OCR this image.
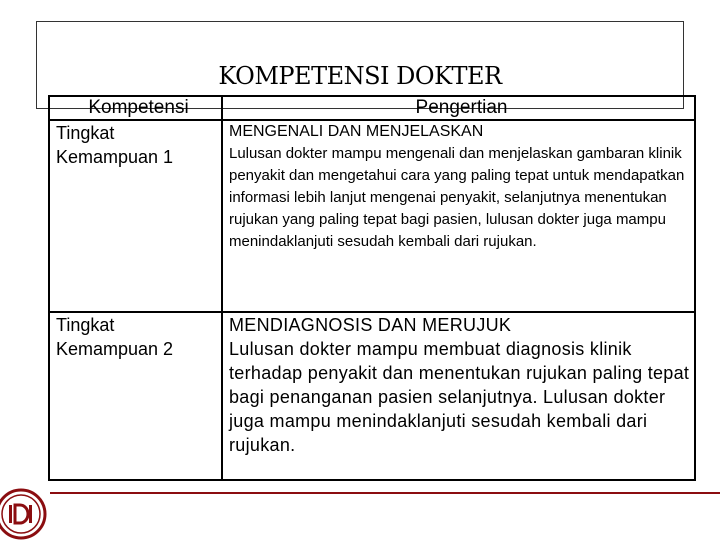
KOMPETENSI DOKTER
Kompetensi	Pengertian
Tingkat Kemampuan 1	MENGENALI DAN MENJELASKAN
Lulusan dokter mampu mengenali dan menjelaskan gambaran klinik penyakit dan mengetahui cara yang paling tepat untuk mendapatkan informasi lebih lanjut mengenai penyakit, selanjutnya menentukan rujukan yang paling tepat bagi pasien, lulusan dokter juga mampu menindaklanjuti sesudah kembali dari rujukan.

Tingkat Kemampuan 2	MENDIAGNOSIS DAN MERUJUK
Lulusan dokter mampu membuat diagnosis klinik terhadap penyakit dan menentukan rujukan paling tepat bagi penanganan pasien selanjutnya. Lulusan dokter juga mampu menindaklanjuti sesudah kembali dari rujukan.
